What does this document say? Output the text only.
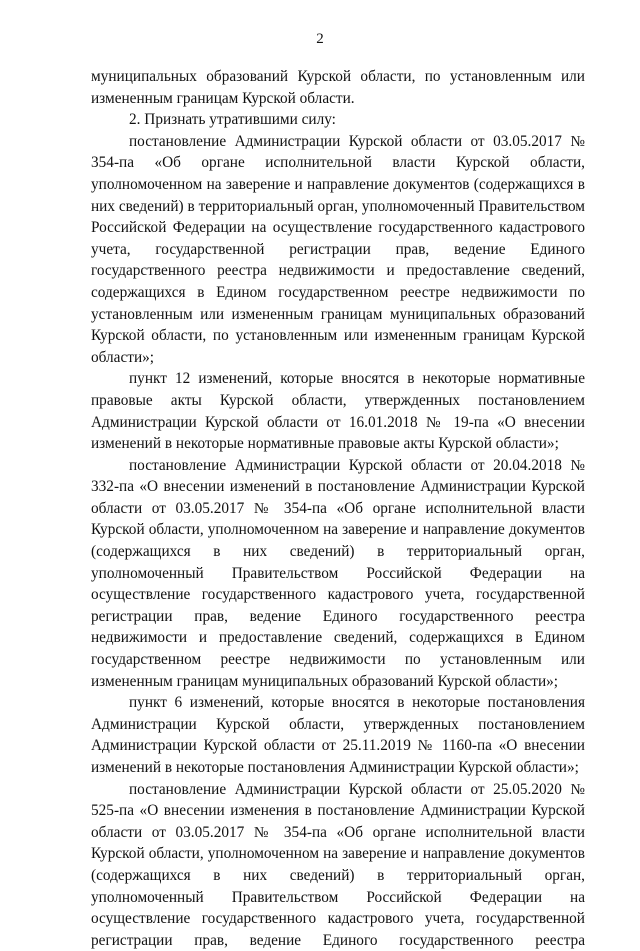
2

муниципальных образований Курской области, по установленным или измененным границам Курской области.

2. Признать утратившими силу:

постановление Администрации Курской области от 03.05.2017 № 354-па «Об органе исполнительной власти Курской области, уполномоченном на заверение и направление документов (содержащихся в них сведений) в территориальный орган, уполномоченный Правительством Российской Федерации на осуществление государственного кадастрового учета, государственной регистрации прав, ведение Единого государственного реестра недвижимости и предоставление сведений, содержащихся в Едином государственном реестре недвижимости по установленным или измененным границам муниципальных образований Курской области, по установленным или измененным границам Курской области»;

пункт 12 изменений, которые вносятся в некоторые нормативные правовые акты Курской области, утвержденных постановлением Администрации Курской области от 16.01.2018 № 19-па «О внесении изменений в некоторые нормативные правовые акты Курской области»;

постановление Администрации Курской области от 20.04.2018 № 332-па «О внесении изменений в постановление Администрации Курской области от 03.05.2017 № 354-па «Об органе исполнительной власти Курской области, уполномоченном на заверение и направление документов (содержащихся в них сведений) в территориальный орган, уполномоченный Правительством Российской Федерации на осуществление государственного кадастрового учета, государственной регистрации прав, ведение Единого государственного реестра недвижимости и предоставление сведений, содержащихся в Едином государственном реестре недвижимости по установленным или измененным границам муниципальных образований Курской области»;

пункт 6 изменений, которые вносятся в некоторые постановления Администрации Курской области, утвержденных постановлением Администрации Курской области от 25.11.2019 № 1160-па «О внесении изменений в некоторые постановления Администрации Курской области»;

постановление Администрации Курской области от 25.05.2020 № 525-па «О внесении изменения в постановление Администрации Курской области от 03.05.2017 № 354-па «Об органе исполнительной власти Курской области, уполномоченном на заверение и направление документов (содержащихся в них сведений) в территориальный орган, уполномоченный Правительством Российской Федерации на осуществление государственного кадастрового учета, государственной регистрации прав, ведение Единого государственного реестра
